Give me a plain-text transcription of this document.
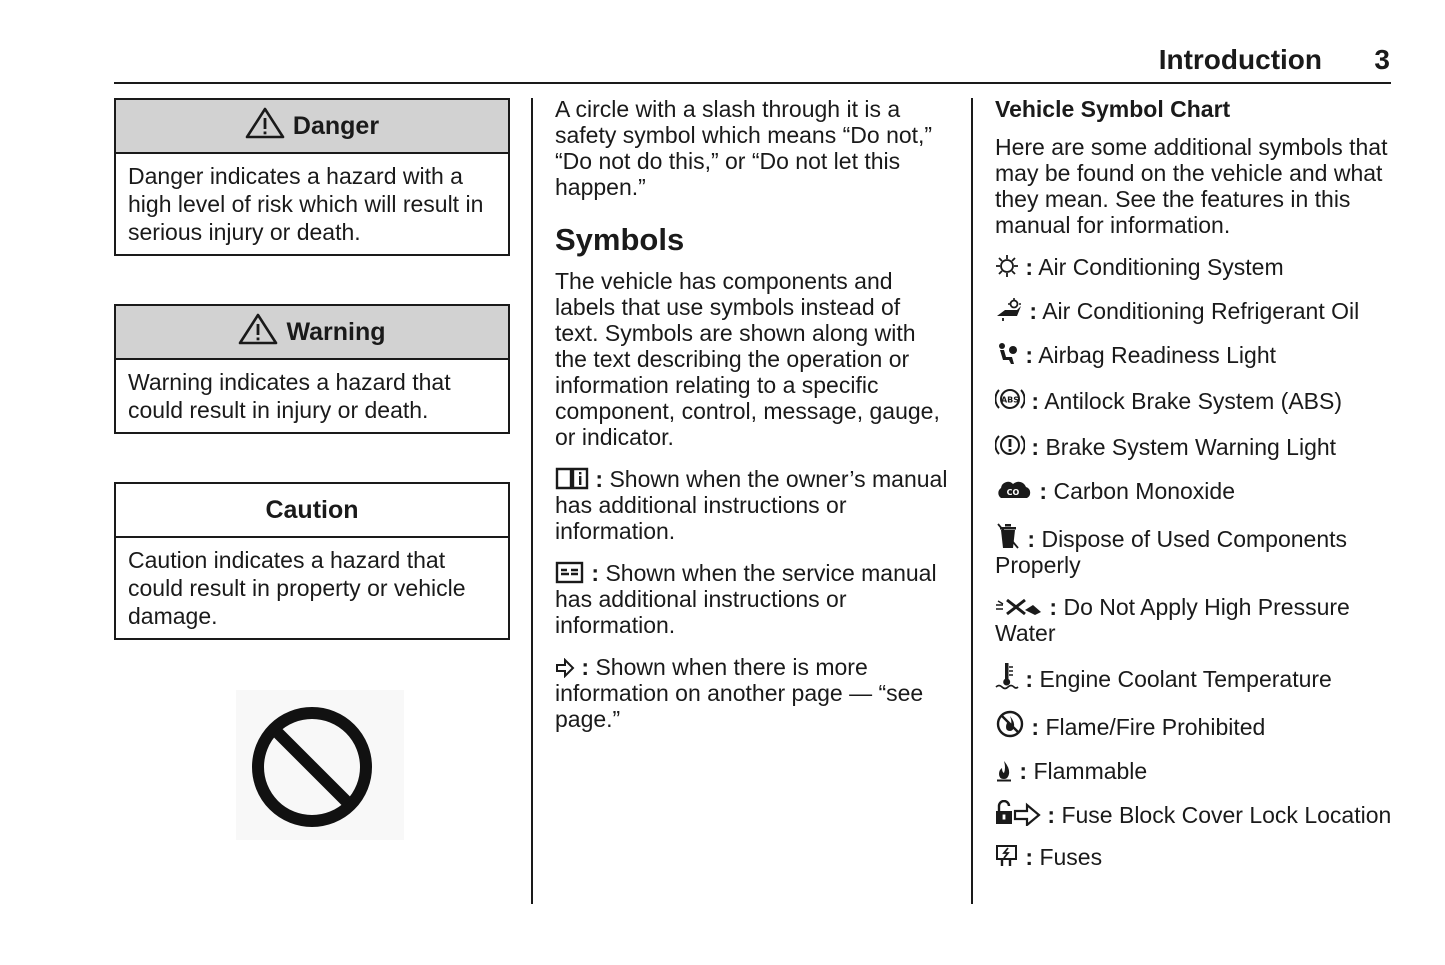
Introduction	3
Danger
Danger indicates a hazard with a high level of risk which will result in serious injury or death.
Warning
Warning indicates a hazard that could result in injury or death.
Caution
Caution indicates a hazard that could result in property or vehicle damage.

A circle with a slash through it is a safety symbol which means “Do not,” “Do not do this,” or “Do not let this happen.”

Symbols

The vehicle has components and labels that use symbols instead of text. Symbols are shown along with the text describing the operation or information relating to a specific component, control, message, gauge, or indicator.

: Shown when the owner’s manual has additional instructions or information.

: Shown when the service manual has additional instructions or information.

: Shown when there is more information on another page — “see page.”

Vehicle Symbol Chart

Here are some additional symbols that may be found on the vehicle and what they mean. See the features in this manual for information.

: Air Conditioning System

: Air Conditioning Refrigerant Oil

: Airbag Readiness Light

ABS : Antilock Brake System (ABS)

: Brake System Warning Light

CO : Carbon Monoxide

: Dispose of Used Components Properly

: Do Not Apply High Pressure Water

: Engine Coolant Temperature

: Flame/Fire Prohibited

: Flammable

: Fuse Block Cover Lock Location

: Fuses
